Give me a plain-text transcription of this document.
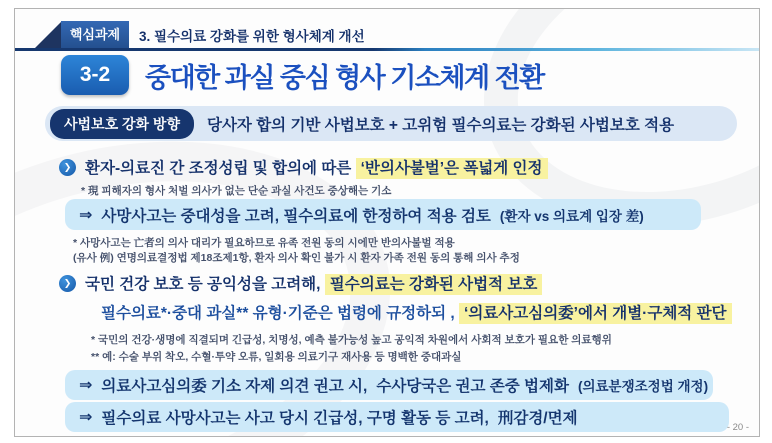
핵심과제	3. 필수의료 강화를 위한 형사체계 개선
3-2	중대한 과실 중심 형사 기소체계 전환
사법보호 강화 방향	당사자 합의 기반 사법보호 + 고위험 필수의료는 강화된 사법보호 적용
❯ 환자-의료진 간 조정성립 및 합의에 따른 ‘반의사불벌’은 폭넓게 인정
* 現 피해자의 형사 처벌 의사가 없는 단순 과실 사건도 중상해는 기소
⇒ 사망사고는 중대성을 고려, 필수의료에 한정하여 적용 검토 (환자 vs 의료계 입장 差)
* 사망사고는 亡者의 의사 대리가 필요하므로 유족 전원 동의 시에만 반의사불벌 적용
(유사 例) 연명의료결정법 제18조제1항, 환자 의사 확인 불가 시 환자 가족 전원 동의 통해 의사 추정
❯ 국민 건강 보호 등 공익성을 고려해, 필수의료는 강화된 사법적 보호
필수의료*·중대 과실** 유형·기준은 법령에 규정하되 , ‘의료사고심의委’에서 개별·구체적 판단
* 국민의 건강·생명에 직결되며 긴급성, 치명성, 예측 불가능성 높고 공익적 차원에서 사회적 보호가 필요한 의료행위
** 예: 수술 부위 착오, 수혈·투약 오류, 일회용 의료기구 재사용 등 명백한 중대과실
⇒ 의료사고심의委 기소 자제 의견 권고 시, 수사당국은 권고 존중 법제화 (의료분쟁조정법 개정)
⇒ 필수의료 사망사고는 사고 당시 긴급성, 구명 활동 등 고려, 刑감경/면제
- 20 -
